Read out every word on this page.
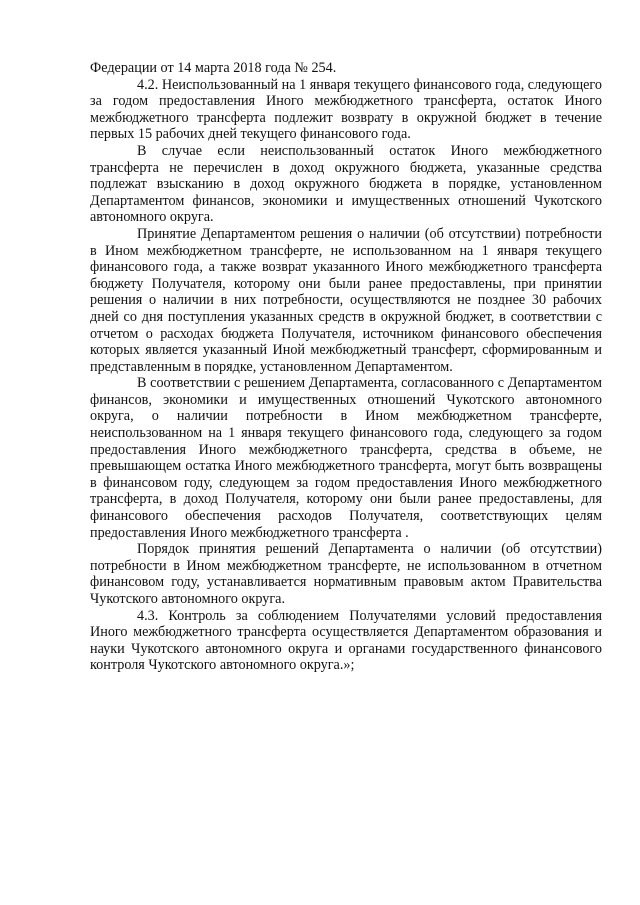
Федерации от 14 марта 2018 года № 254.

4.2. Неиспользованный на 1 января текущего финансового года, следующего за годом предоставления Иного межбюджетного трансферта, остаток Иного межбюджетного трансферта подлежит возврату в окружной бюджет в течение первых 15 рабочих дней текущего финансового года.

В случае если неиспользованный остаток Иного межбюджетного трансферта не перечислен в доход окружного бюджета, указанные средства подлежат взысканию в доход окружного бюджета в порядке, установленном Департаментом финансов, экономики и имущественных отношений Чукотского автономного округа.

Принятие Департаментом решения о наличии (об отсутствии) потребности в Ином межбюджетном трансферте, не использованном на 1 января текущего финансового года, а также возврат указанного Иного межбюджетного трансферта бюджету Получателя, которому они были ранее предоставлены, при принятии решения о наличии в них потребности, осуществляются не позднее 30 рабочих дней со дня поступления указанных средств в окружной бюджет, в соответствии с отчетом о расходах бюджета Получателя, источником финансового обеспечения которых является указанный Иной межбюджетный трансферт, сформированным и представленным в порядке, установленном Департаментом.

В соответствии с решением Департамента, согласованного с Департаментом финансов, экономики и имущественных отношений Чукотского автономного округа, о наличии потребности в Ином межбюджетном трансферте, неиспользованном на 1 января текущего финансового года, следующего за годом предоставления Иного межбюджетного трансферта, средства в объеме, не превышающем остатка Иного межбюджетного трансферта, могут быть возвращены в финансовом году, следующем за годом предоставления Иного межбюджетного трансферта, в доход Получателя, которому они были ранее предоставлены, для финансового обеспечения расходов Получателя, соответствующих целям предоставления Иного межбюджетного трансферта .

Порядок принятия решений Департамента о наличии (об отсутствии) потребности в Ином межбюджетном трансферте, не использованном в отчетном финансовом году, устанавливается нормативным правовым актом Правительства Чукотского автономного округа.

4.3. Контроль за соблюдением Получателями условий предоставления Иного межбюджетного трансферта осуществляется Департаментом образования и науки Чукотского автономного округа и органами государственного финансового контроля Чукотского автономного округа.»;
